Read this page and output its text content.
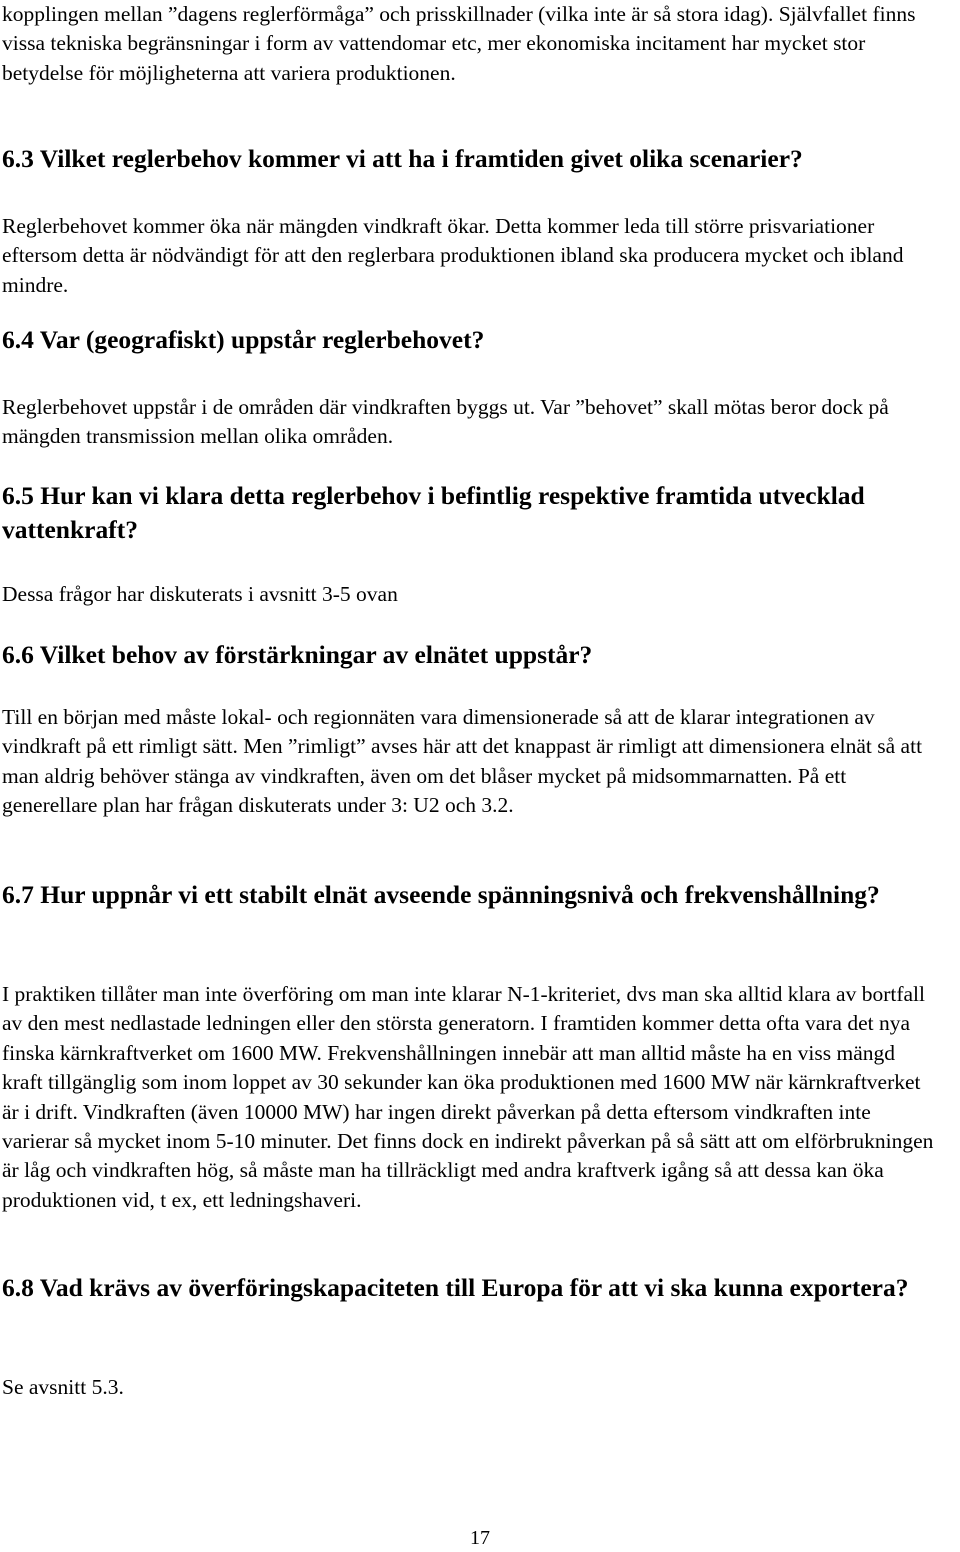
kopplingen mellan ”dagens reglerförmåga” och prisskillnader (vilka inte är så stora idag). Självfallet finns vissa tekniska begränsningar i form av vattendomar etc, mer ekonomiska incitament har mycket stor betydelse för möjligheterna att variera produktionen.
6.3 Vilket reglerbehov kommer vi att ha i framtiden givet olika scenarier?
Reglerbehovet kommer öka när mängden vindkraft ökar. Detta kommer leda till större prisvariationer eftersom detta är nödvändigt för att den reglerbara produktionen ibland ska producera mycket och ibland mindre.
6.4 Var (geografiskt) uppstår reglerbehovet?
Reglerbehovet uppstår i de områden där vindkraften byggs ut. Var ”behovet” skall mötas beror dock på mängden transmission mellan olika områden.
6.5 Hur kan vi klara detta reglerbehov i befintlig respektive framtida utvecklad vattenkraft?
Dessa frågor har diskuterats i avsnitt 3-5 ovan
6.6 Vilket behov av förstärkningar av elnätet uppstår?
Till en början med måste lokal- och regionnäten vara dimensionerade så att de klarar integrationen av vindkraft på ett rimligt sätt. Men ”rimligt” avses här att det knappast är rimligt att dimensionera elnät så att man aldrig behöver stänga av vindkraften, även om det blåser mycket på midsommarnatten. På ett generellare plan har frågan diskuterats under 3: U2 och 3.2.
6.7 Hur uppnår vi ett stabilt elnät avseende spänningsnivå och frekvenshållning?
I praktiken tillåter man inte överföring om man inte klarar N-1-kriteriet, dvs man ska alltid klara av bortfall av den mest nedlastade ledningen eller den största generatorn. I framtiden kommer detta ofta vara det nya finska kärnkraftverket om 1600 MW. Frekvenshållningen innebär att man alltid måste ha en viss mängd kraft tillgänglig som inom loppet av 30 sekunder kan öka produktionen med 1600 MW när kärnkraftverket är i drift. Vindkraften (även 10000 MW) har ingen direkt påverkan på detta eftersom vindkraften inte varierar så mycket inom 5-10 minuter. Det finns dock en indirekt påverkan på så sätt att om elförbrukningen är låg och vindkraften hög, så måste man ha tillräckligt med andra kraftverk igång så att dessa kan öka produktionen vid, t ex, ett ledningshaveri.
6.8 Vad krävs av överföringskapaciteten till Europa för att vi ska kunna exportera?
Se avsnitt 5.3.
17
